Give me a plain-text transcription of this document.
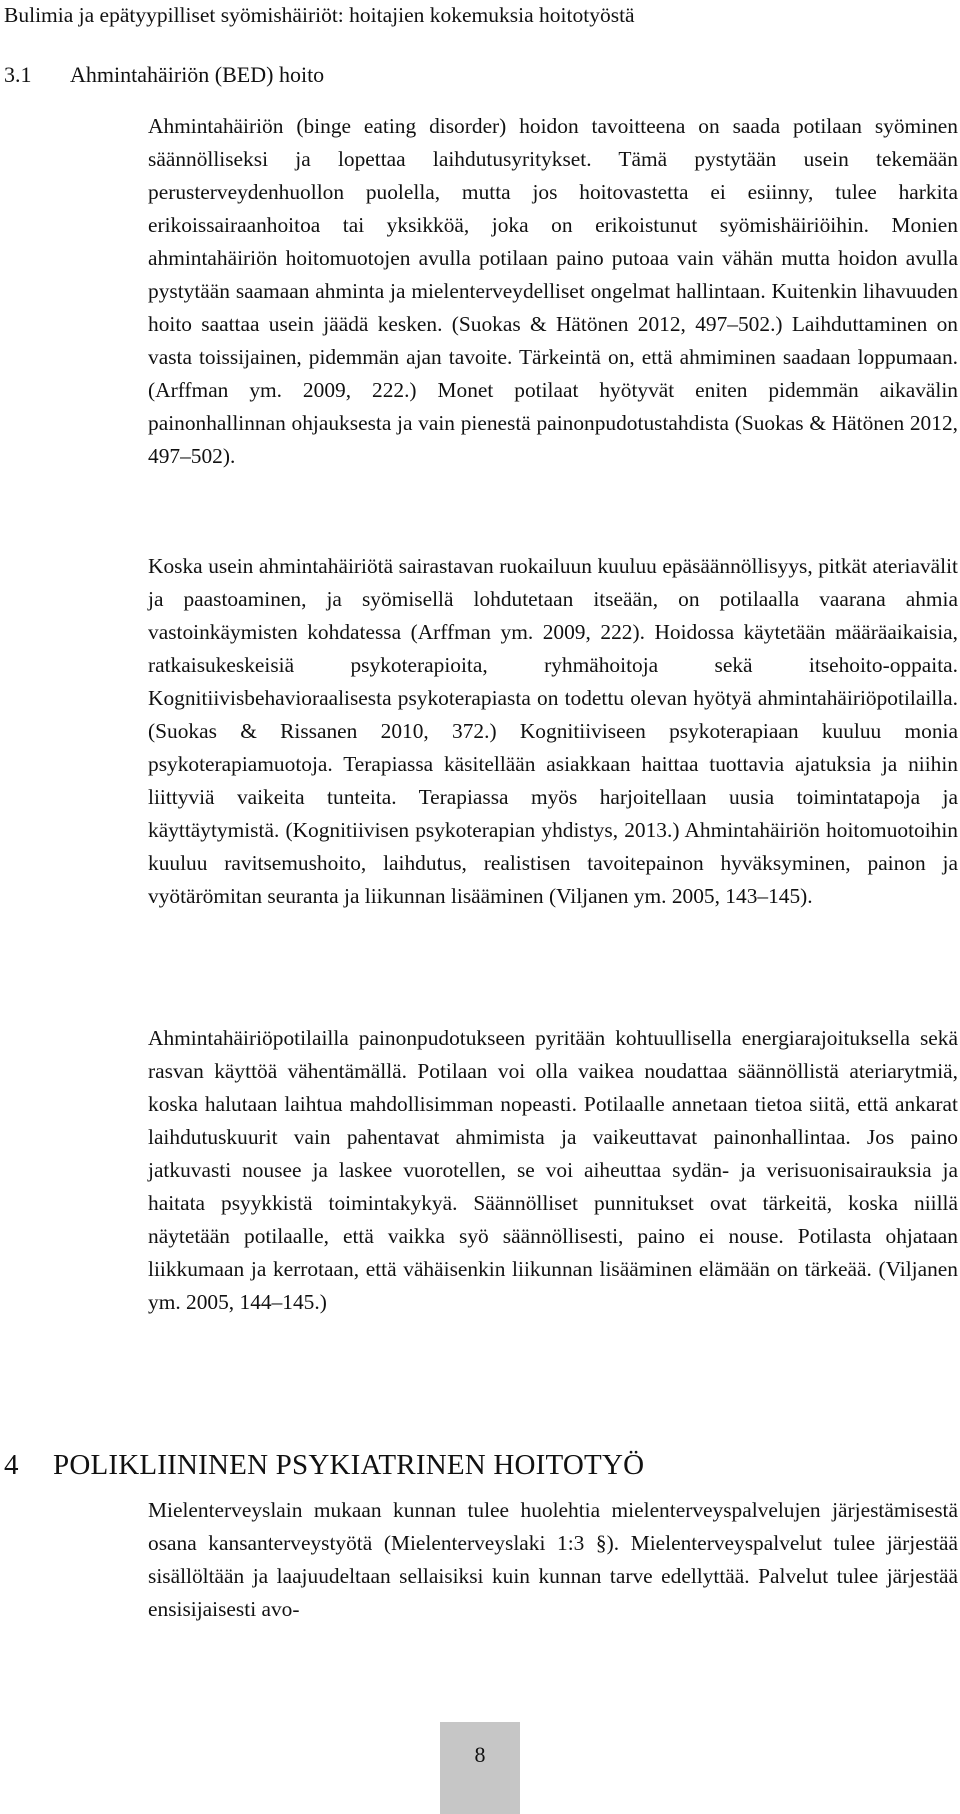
Bulimia ja epätyypilliset syömishäiriöt: hoitajien kokemuksia hoitotyöstä
3.1 Ahmintahäiriön (BED) hoito

Ahmintahäiriön (binge eating disorder) hoidon tavoitteena on saada potilaan syöminen säännölliseksi ja lopettaa laihdutusyritykset. Tämä pystytään usein tekemään perusterveydenhuollon puolella, mutta jos hoitovastetta ei esiinny, tulee harkita erikoissairaanhoitoa tai yksikköä, joka on erikoistunut syömishäiriöihin. Monien ahmintahäiriön hoitomuotojen avulla potilaan paino putoaa vain vähän mutta hoidon avulla pystytään saamaan ahminta ja mielenterveydelliset ongelmat hallintaan. Kuitenkin lihavuuden hoito saattaa usein jäädä kesken. (Suokas & Hätönen 2012, 497–502.) Laihduttaminen on vasta toissijainen, pidemmän ajan tavoite. Tärkeintä on, että ahmiminen saadaan loppumaan. (Arffman ym. 2009, 222.) Monet potilaat hyötyvät eniten pidemmän aikavälin painonhallinnan ohjauksesta ja vain pienestä painonpudotustahdista (Suokas & Hätönen 2012, 497–502).

Koska usein ahmintahäiriötä sairastavan ruokailuun kuuluu epäsäännöllisyys, pitkät ateriavälit ja paastoaminen, ja syömisellä lohdutetaan itseään, on potilaalla vaarana ahmia vastoinkäymisten kohdatessa (Arffman ym. 2009, 222). Hoidossa käytetään määräaikaisia, ratkaisukeskeisiä psykoterapioita, ryhmähoitoja sekä itsehoito-oppaita. Kognitiivisbehavioraalisesta psykoterapiasta on todettu olevan hyötyä ahmintahäiriöpotilailla. (Suokas & Rissanen 2010, 372.) Kognitiiviseen psykoterapiaan kuuluu monia psykoterapiamuotoja. Terapiassa käsitellään asiakkaan haittaa tuottavia ajatuksia ja niihin liittyviä vaikeita tunteita. Terapiassa myös harjoitellaan uusia toimintatapoja ja käyttäytymistä. (Kognitiivisen psykoterapian yhdistys, 2013.) Ahmintahäiriön hoitomuotoihin kuuluu ravitsemushoito, laihdutus, realistisen tavoitepainon hyväksyminen, painon ja vyötärömitan seuranta ja liikunnan lisääminen (Viljanen ym. 2005, 143–145).

Ahmintahäiriöpotilailla painonpudotukseen pyritään kohtuullisella energiarajoituksella sekä rasvan käyttöä vähentämällä. Potilaan voi olla vaikea noudattaa säännöllistä ateriarytmiä, koska halutaan laihtua mahdollisimman nopeasti. Potilaalle annetaan tietoa siitä, että ankarat laihdutuskuurit vain pahentavat ahmimista ja vaikeuttavat painonhallintaa. Jos paino jatkuvasti nousee ja laskee vuorotellen, se voi aiheuttaa sydän- ja verisuonisairauksia ja haitata psyykkistä toimintakykyä. Säännölliset punnitukset ovat tärkeitä, koska niillä näytetään potilaalle, että vaikka syö säännöllisesti, paino ei nouse. Potilasta ohjataan liikkumaan ja kerrotaan, että vähäisenkin liikunnan lisääminen elämään on tärkeää. (Viljanen ym. 2005, 144–145.)

4 POLIKLIININEN PSYKIATRINEN HOITOTYÖ

Mielenterveyslain mukaan kunnan tulee huolehtia mielenterveyspalvelujen järjestämisestä osana kansanterveystyötä (Mielenterveyslaki 1:3 §). Mielenterveyspalvelut tulee järjestää sisällöltään ja laajuudeltaan sellaisiksi kuin kunnan tarve edellyttää. Palvelut tulee järjestää ensisijaisesti avo-

8
